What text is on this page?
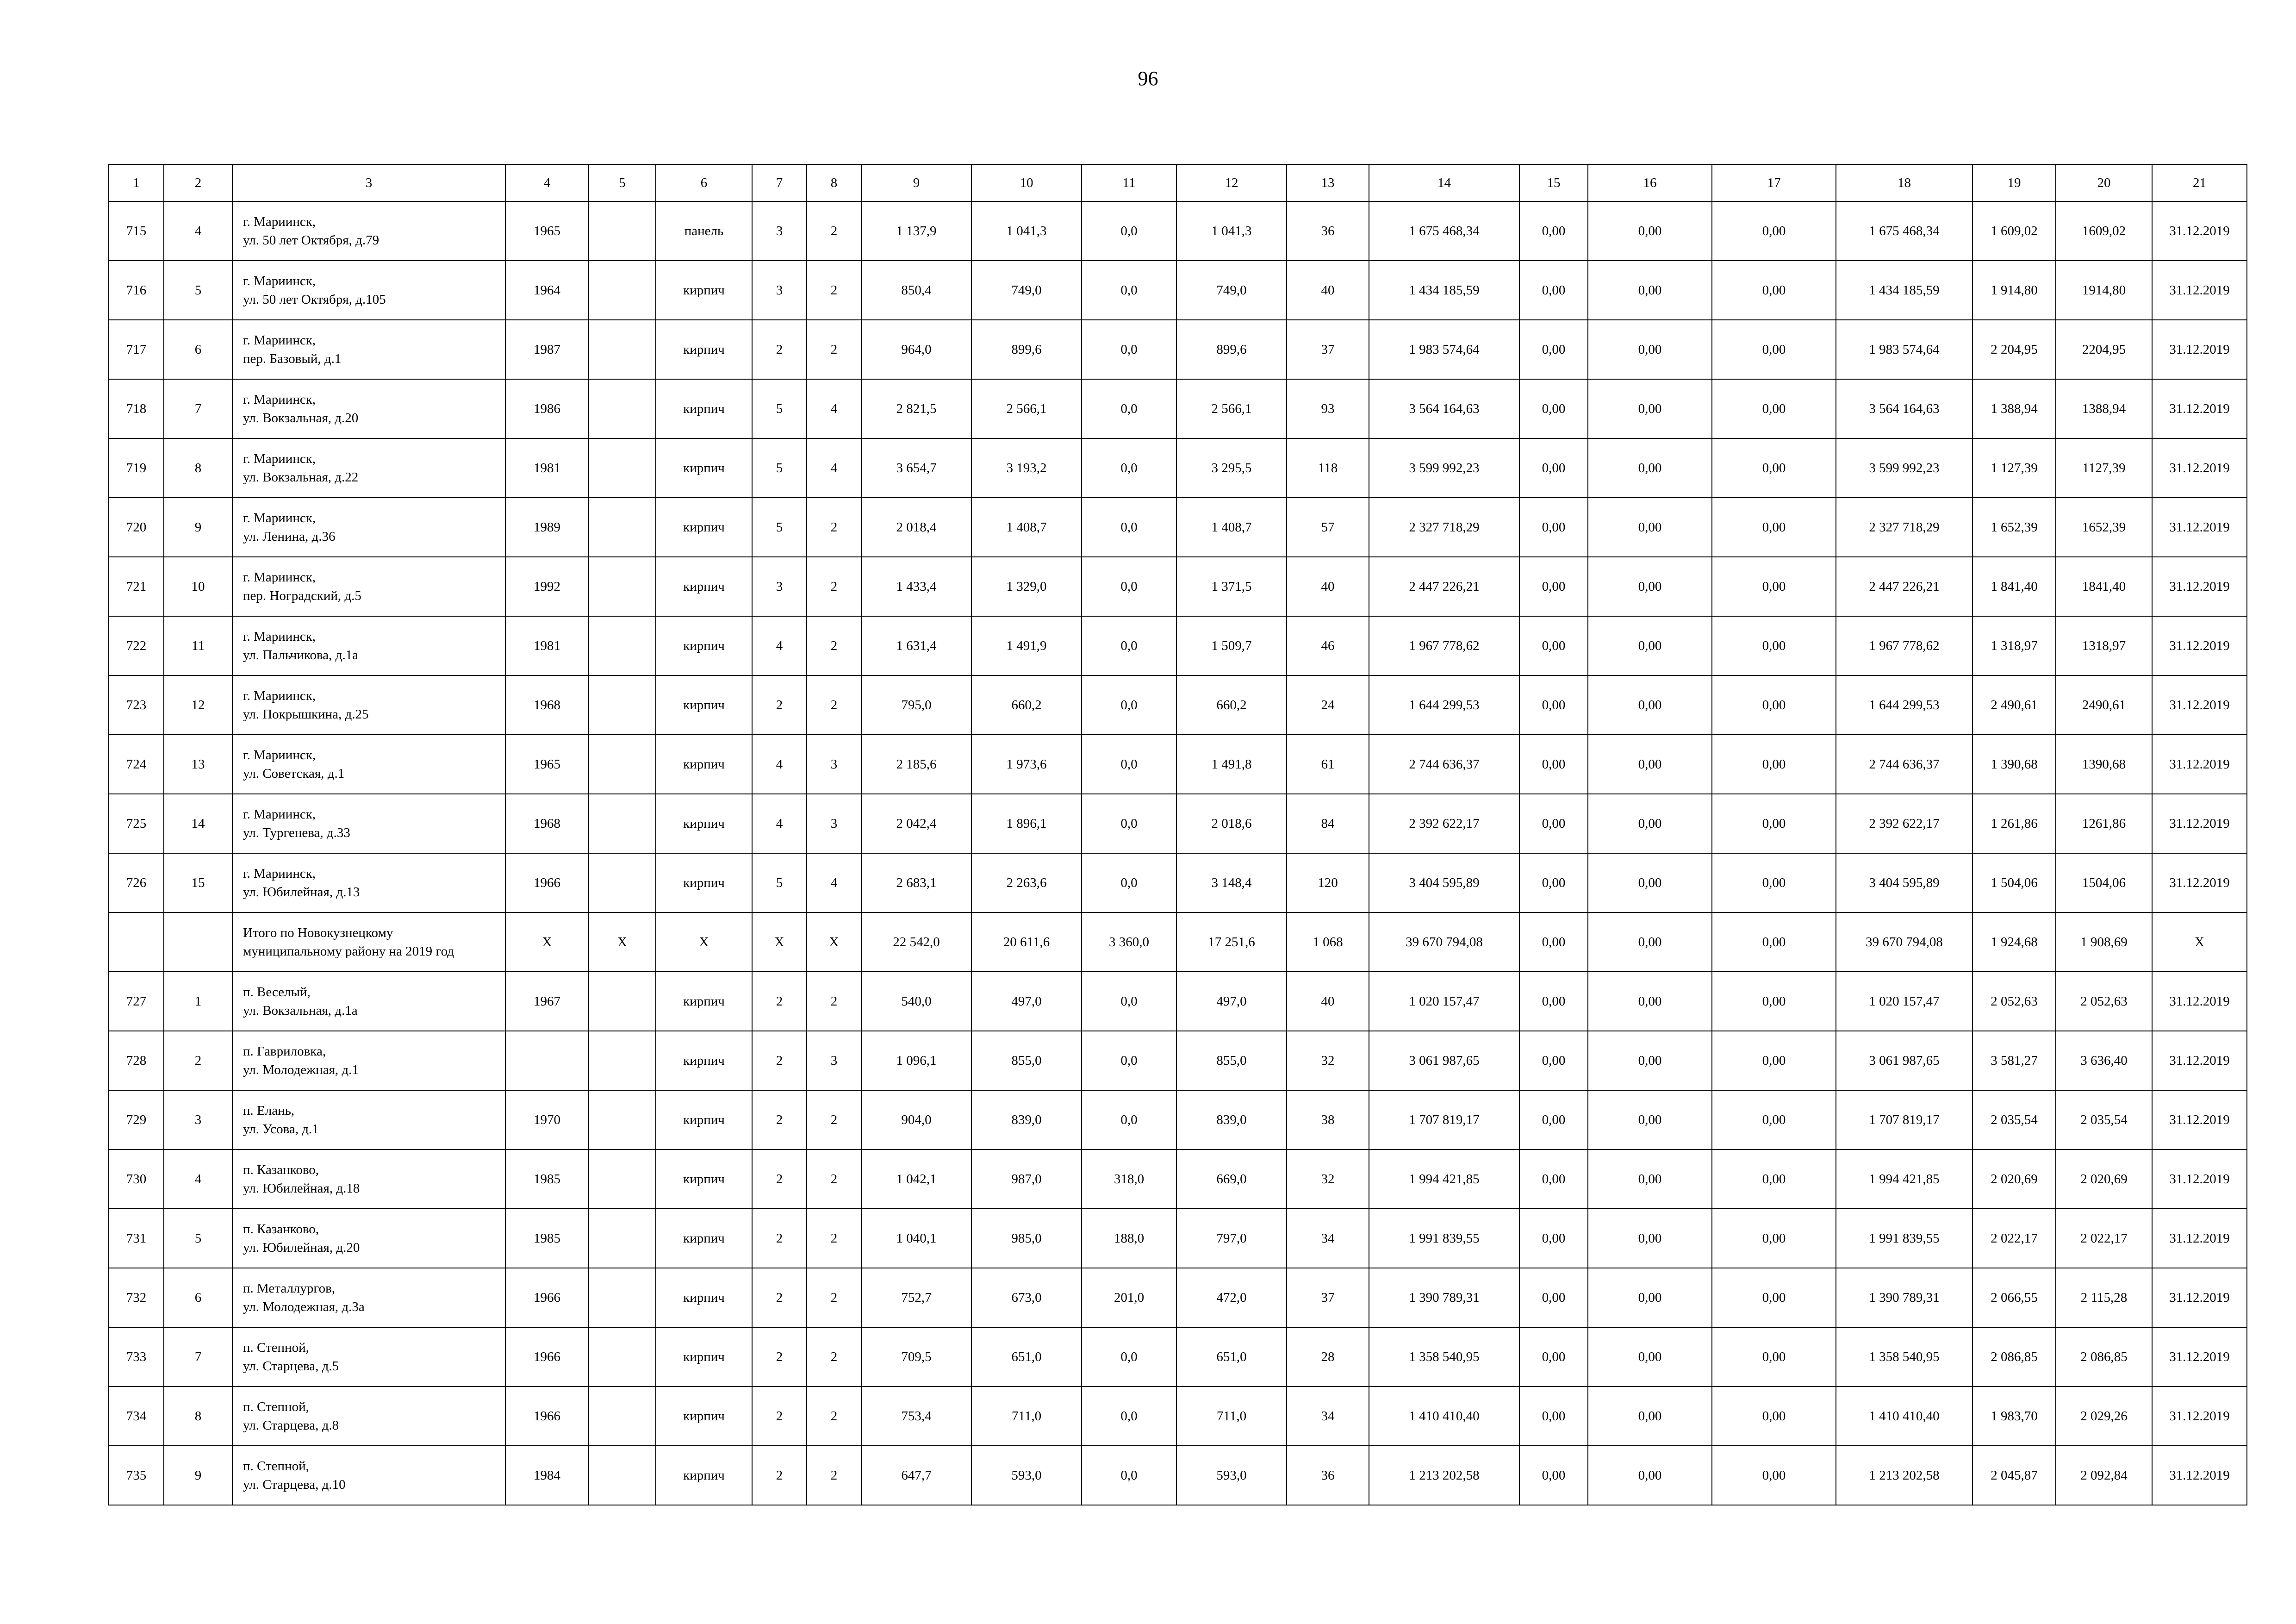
96
1	2	3	4	5	6	7	8	9	10	11	12	13	14	15	16	17	18	19	20	21
715	4	г. Мариинск,
ул. 50 лет Октября, д.79	1965		панель	3	2	1 137,9	1 041,3	0,0	1 041,3	36	1 675 468,34	0,00	0,00	0,00	1 675 468,34	1 609,02	1609,02	31.12.2019
716	5	г. Мариинск,
ул. 50 лет Октября, д.105	1964		кирпич	3	2	850,4	749,0	0,0	749,0	40	1 434 185,59	0,00	0,00	0,00	1 434 185,59	1 914,80	1914,80	31.12.2019
717	6	г. Мариинск,
пер. Базовый, д.1	1987		кирпич	2	2	964,0	899,6	0,0	899,6	37	1 983 574,64	0,00	0,00	0,00	1 983 574,64	2 204,95	2204,95	31.12.2019
718	7	г. Мариинск,
ул. Вокзальная, д.20	1986		кирпич	5	4	2 821,5	2 566,1	0,0	2 566,1	93	3 564 164,63	0,00	0,00	0,00	3 564 164,63	1 388,94	1388,94	31.12.2019
719	8	г. Мариинск,
ул. Вокзальная, д.22	1981		кирпич	5	4	3 654,7	3 193,2	0,0	3 295,5	118	3 599 992,23	0,00	0,00	0,00	3 599 992,23	1 127,39	1127,39	31.12.2019
720	9	г. Мариинск,
ул. Ленина, д.36	1989		кирпич	5	2	2 018,4	1 408,7	0,0	1 408,7	57	2 327 718,29	0,00	0,00	0,00	2 327 718,29	1 652,39	1652,39	31.12.2019
721	10	г. Мариинск,
пер. Ноградский, д.5	1992		кирпич	3	2	1 433,4	1 329,0	0,0	1 371,5	40	2 447 226,21	0,00	0,00	0,00	2 447 226,21	1 841,40	1841,40	31.12.2019
722	11	г. Мариинск,
ул. Пальчикова, д.1а	1981		кирпич	4	2	1 631,4	1 491,9	0,0	1 509,7	46	1 967 778,62	0,00	0,00	0,00	1 967 778,62	1 318,97	1318,97	31.12.2019
723	12	г. Мариинск,
ул. Покрышкина, д.25	1968		кирпич	2	2	795,0	660,2	0,0	660,2	24	1 644 299,53	0,00	0,00	0,00	1 644 299,53	2 490,61	2490,61	31.12.2019
724	13	г. Мариинск,
ул. Советская, д.1	1965		кирпич	4	3	2 185,6	1 973,6	0,0	1 491,8	61	2 744 636,37	0,00	0,00	0,00	2 744 636,37	1 390,68	1390,68	31.12.2019
725	14	г. Мариинск,
ул. Тургенева, д.33	1968		кирпич	4	3	2 042,4	1 896,1	0,0	2 018,6	84	2 392 622,17	0,00	0,00	0,00	2 392 622,17	1 261,86	1261,86	31.12.2019
726	15	г. Мариинск,
ул. Юбилейная, д.13	1966		кирпич	5	4	2 683,1	2 263,6	0,0	3 148,4	120	3 404 595,89	0,00	0,00	0,00	3 404 595,89	1 504,06	1504,06	31.12.2019

		Итого по Новокузнецкому
муниципальному району на 2019 год	X	X	X	X	X	22 542,0	20 611,6	3 360,0	17 251,6	1 068	39 670 794,08	0,00	0,00	0,00	39 670 794,08	1 924,68	1 908,69	X
727	1	п. Веселый,
ул. Вокзальная, д.1а	1967		кирпич	2	2	540,0	497,0	0,0	497,0	40	1 020 157,47	0,00	0,00	0,00	1 020 157,47	2 052,63	2 052,63	31.12.2019
728	2	п. Гавриловка,
ул. Молодежная, д.1			кирпич	2	3	1 096,1	855,0	0,0	855,0	32	3 061 987,65	0,00	0,00	0,00	3 061 987,65	3 581,27	3 636,40	31.12.2019
729	3	п. Елань,
ул. Усова, д.1	1970		кирпич	2	2	904,0	839,0	0,0	839,0	38	1 707 819,17	0,00	0,00	0,00	1 707 819,17	2 035,54	2 035,54	31.12.2019
730	4	п. Казанково,
ул. Юбилейная, д.18	1985		кирпич	2	2	1 042,1	987,0	318,0	669,0	32	1 994 421,85	0,00	0,00	0,00	1 994 421,85	2 020,69	2 020,69	31.12.2019
731	5	п. Казанково,
ул. Юбилейная, д.20	1985		кирпич	2	2	1 040,1	985,0	188,0	797,0	34	1 991 839,55	0,00	0,00	0,00	1 991 839,55	2 022,17	2 022,17	31.12.2019
732	6	п. Металлургов,
ул. Молодежная, д.3а	1966		кирпич	2	2	752,7	673,0	201,0	472,0	37	1 390 789,31	0,00	0,00	0,00	1 390 789,31	2 066,55	2 115,28	31.12.2019
733	7	п. Степной,
ул. Старцева, д.5	1966		кирпич	2	2	709,5	651,0	0,0	651,0	28	1 358 540,95	0,00	0,00	0,00	1 358 540,95	2 086,85	2 086,85	31.12.2019
734	8	п. Степной,
ул. Старцева, д.8	1966		кирпич	2	2	753,4	711,0	0,0	711,0	34	1 410 410,40	0,00	0,00	0,00	1 410 410,40	1 983,70	2 029,26	31.12.2019
735	9	п. Степной,
ул. Старцева, д.10	1984		кирпич	2	2	647,7	593,0	0,0	593,0	36	1 213 202,58	0,00	0,00	0,00	1 213 202,58	2 045,87	2 092,84	31.12.2019
